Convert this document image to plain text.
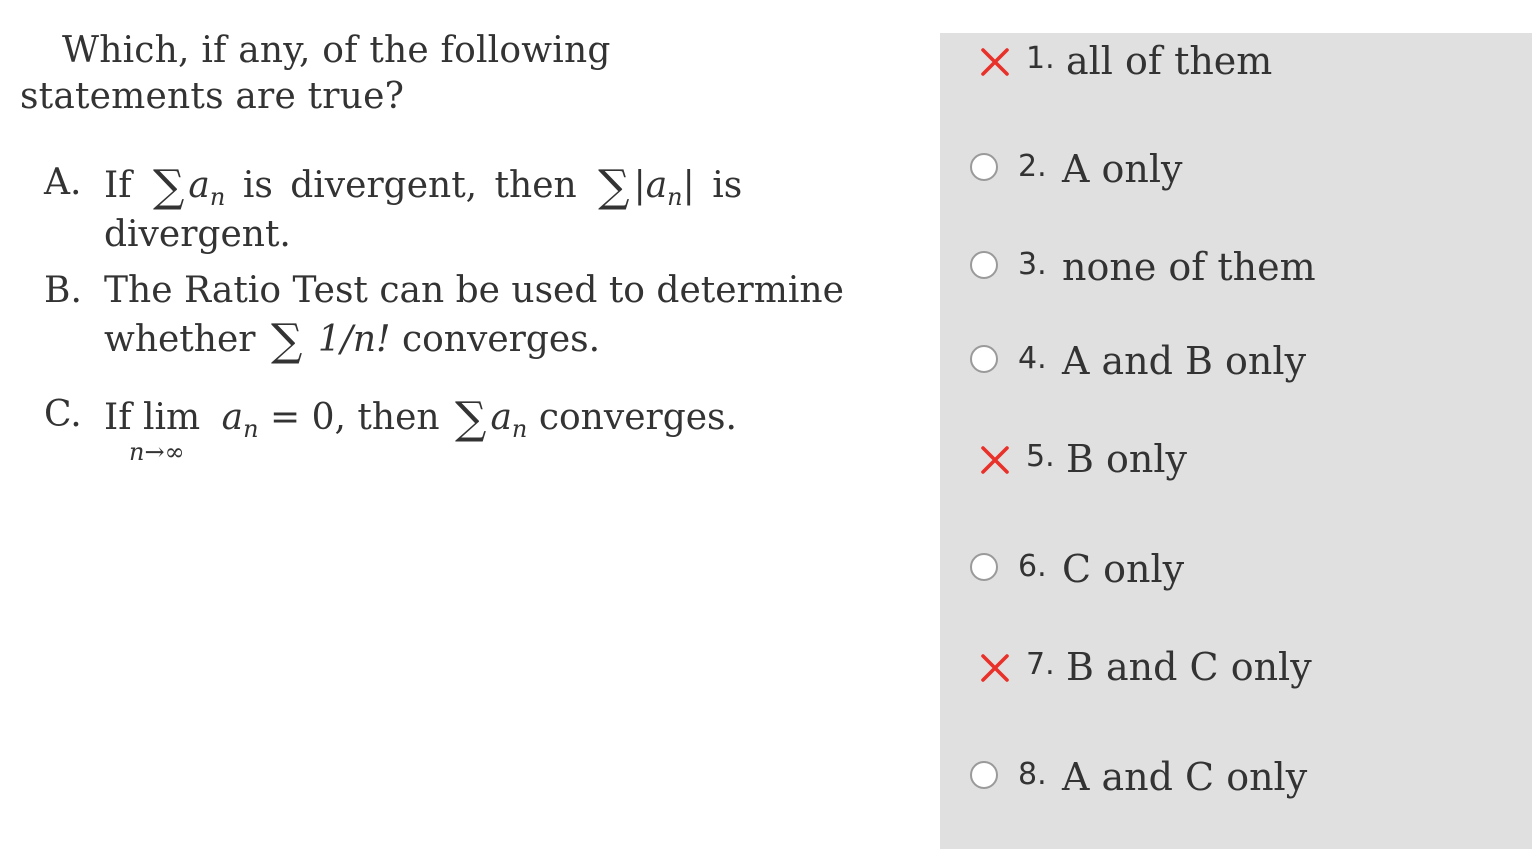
Which, if any, of the following statements are true?
A. If ∑ $a_n$ is divergent, then ∑ $|a_n|$ is
divergent.
B. The Ratio Test can be used to determine
whether ∑ 1/n! converges.
C. If lim
n→∞
$a_n = 0$, then ∑ $a_n$ converges.
1. all of them
2. A only
3. none of them
4. A and B only
5. B only
6. C only
7. B and C only
8. A and C only
